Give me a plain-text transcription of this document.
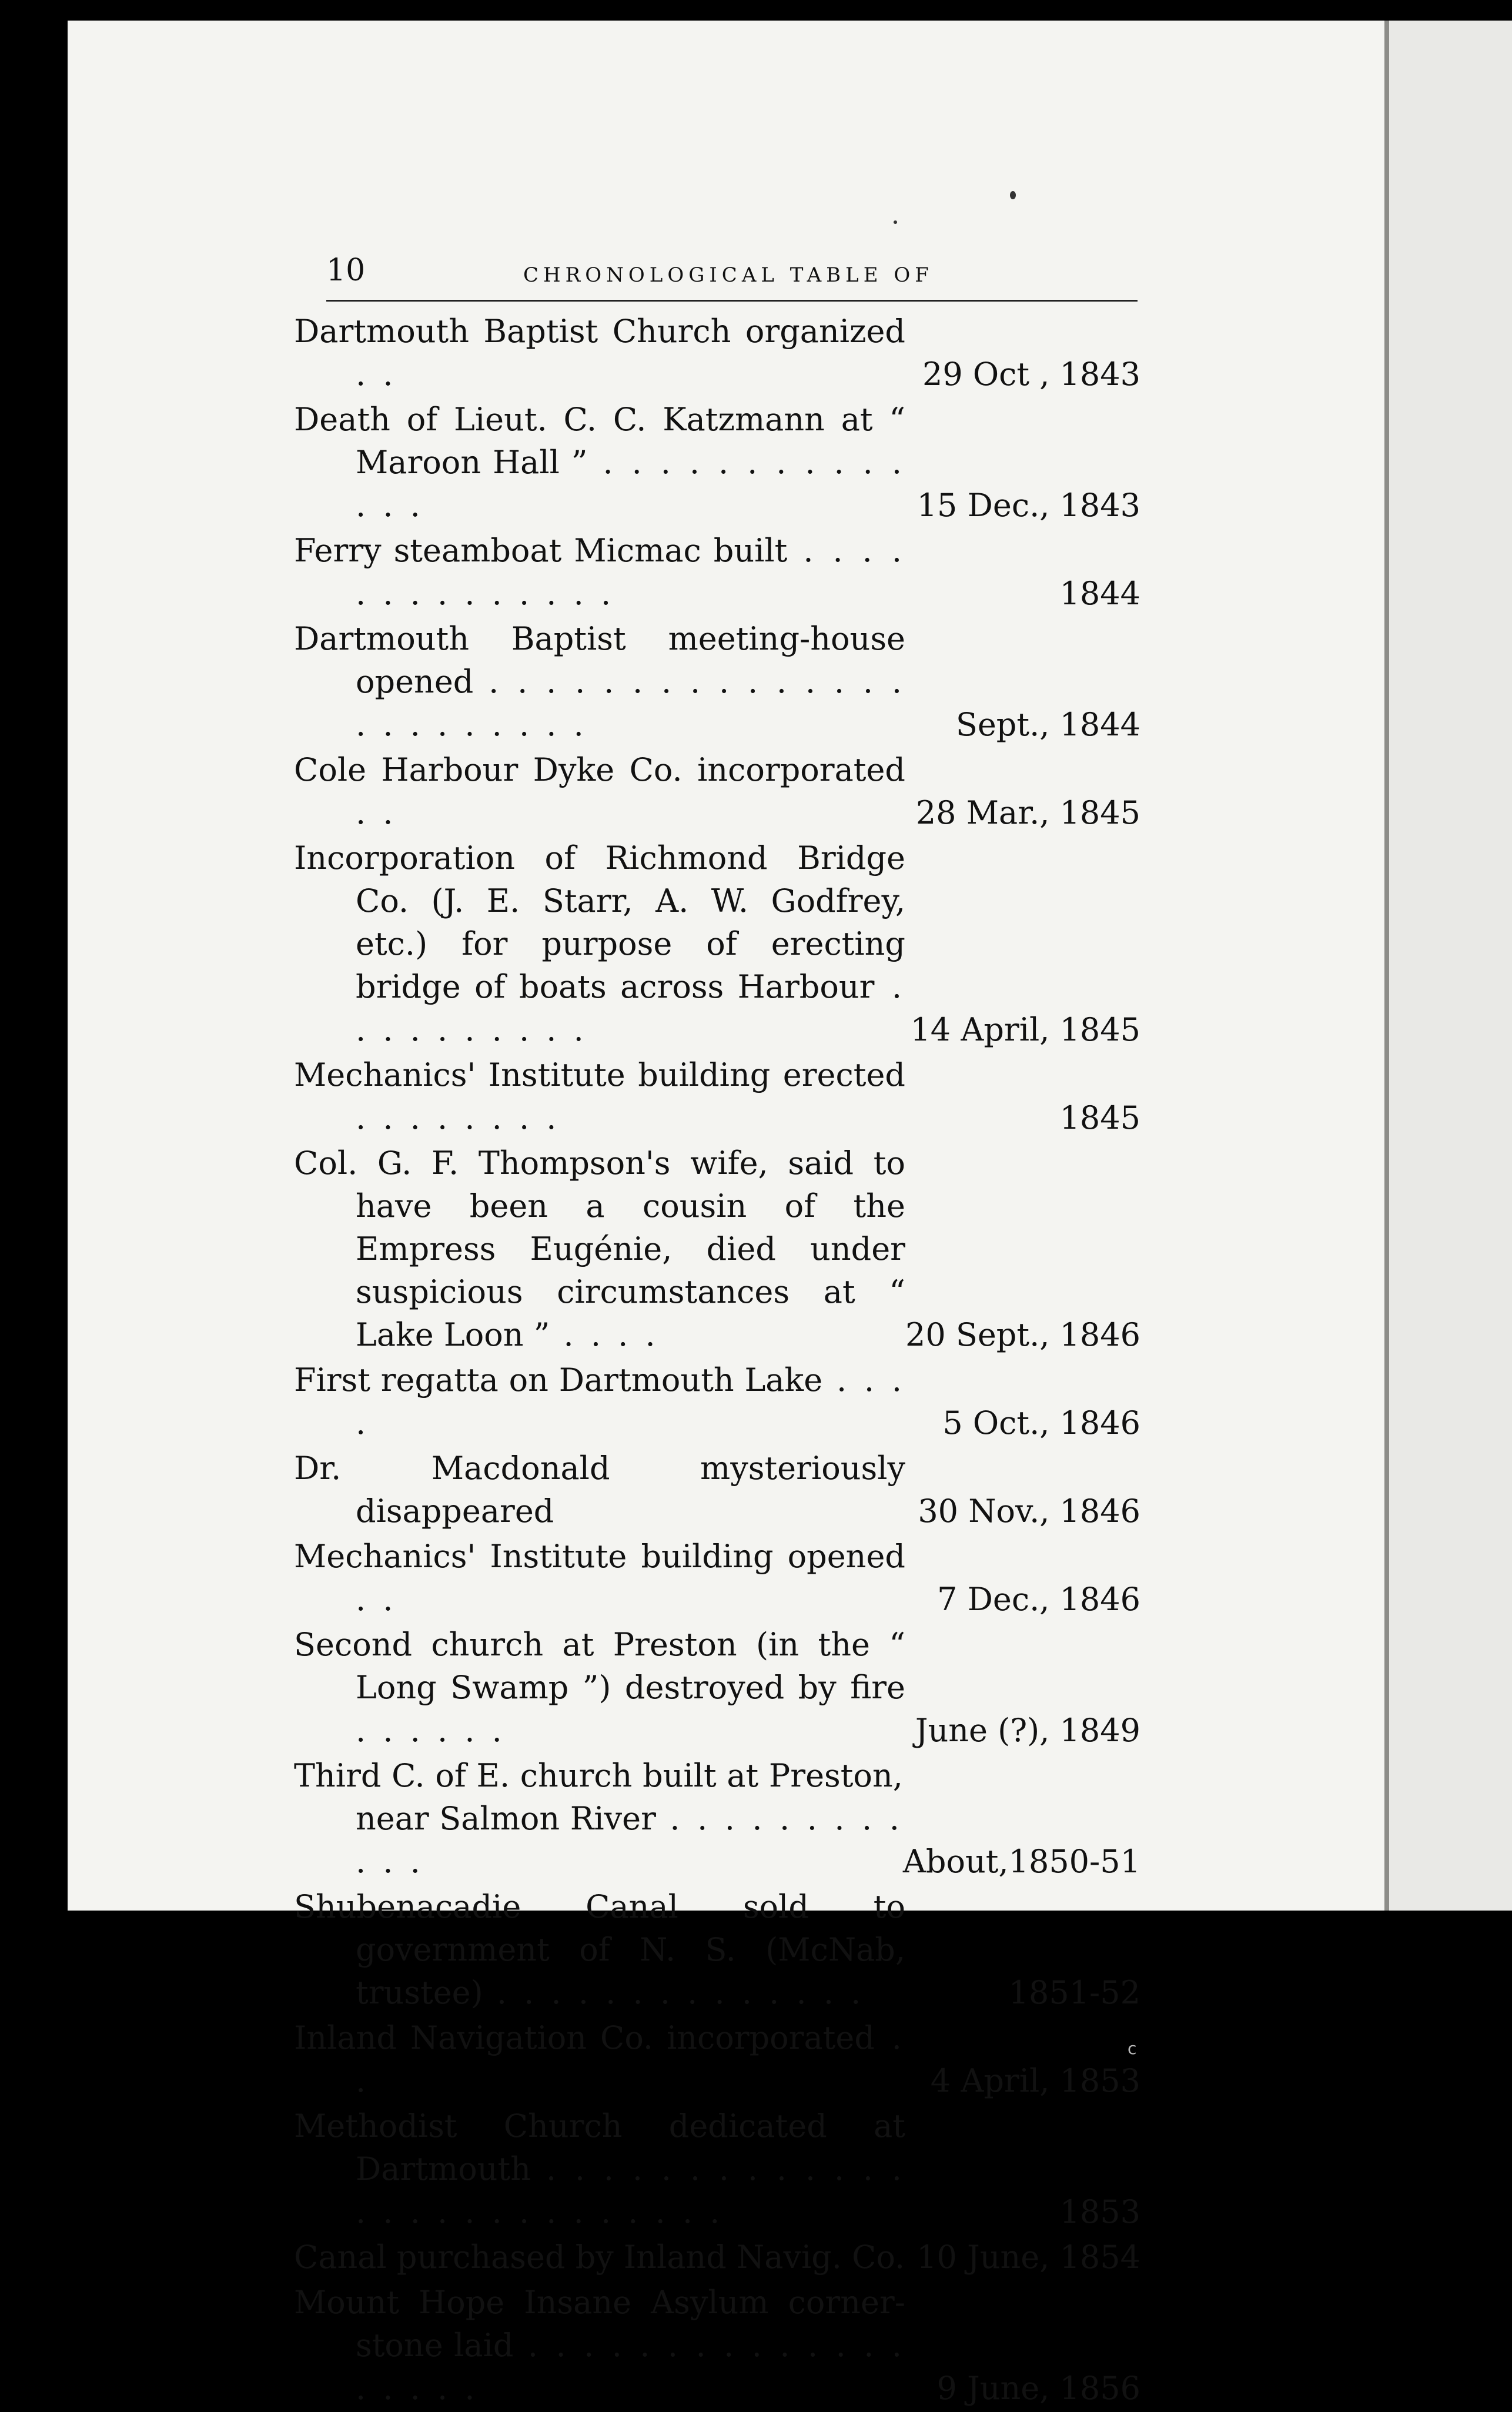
10	CHRONOLOGICAL TABLE OF
Dartmouth Baptist Church organized . .	29 Oct , 1843
Death of Lieut. C. C. Katzmann at “ Maroon Hall ” . . . . . . . . . . . . . .	15 Dec., 1843
Ferry steamboat Micmac built . . . . . . . . . . . . . .	1844
Dartmouth Baptist meeting-house opened . . . . . . . . . . . . . . . . . . . . . . . .	Sept., 1844
Cole Harbour Dyke Co. incorporated . .	28 Mar., 1845
Incorporation of Richmond Bridge Co. (J. E. Starr, A. W. Godfrey, etc.) for purpose of erecting bridge of boats across Harbour . . . . . . . . . .	14 April, 1845
Mechanics' Institute building erected . . . . . . . .	1845
Col. G. F. Thompson's wife, said to have been a cousin of the Empress Eugénie, died under suspicious circumstances at “ Lake Loon ” . . . .	20 Sept., 1846
First regatta on Dartmouth Lake . . . .	5 Oct., 1846
Dr. Macdonald mysteriously disappeared	30 Nov., 1846
Mechanics' Institute building opened . .	7 Dec., 1846
Second church at Preston (in the “ Long Swamp ”) destroyed by fire . . . . . .	June (?), 1849
Third C. of E. church built at Preston, near Salmon River . . . . . . . . . . . .	About,1850-51
Shubenacadie Canal sold to government of N. S. (McNab, trustee) . . . . . . . . . . . . . .	1851-52
Inland Navigation Co. incorporated . .	4 April, 1853
Methodist Church dedicated at Dartmouth . . . . . . . . . . . . . . . . . . . . . . . . . . .	1853
Canal purchased by Inland Navig. Co. 10 June, 1854
Mount Hope Insane Asylum corner-stone laid . . . . . . . . . . . . . . . . . . .	9 June, 1856
c
